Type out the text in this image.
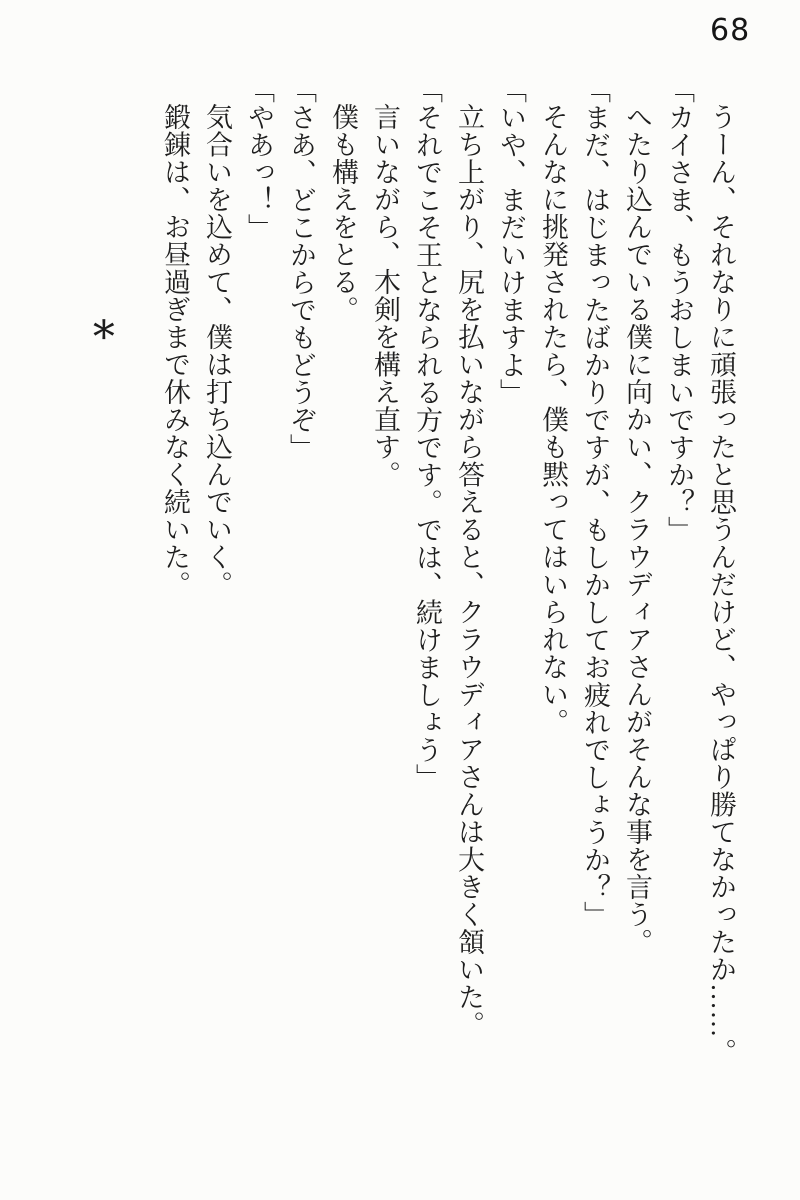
68

うーん、それなりに頑張ったと思うんだけど、やっぱり勝てなかったか……。

「カイさま、もうおしまいですか？」

へたり込んでいる僕に向かい、クラウディアさんがそんな事を言う。

「まだ、はじまったばかりですが、もしかしてお疲れでしょうか？」

そんなに挑発されたら、僕も黙ってはいられない。

「いや、まだいけますよ」

立ち上がり、尻を払いながら答えると、クラウディアさんは大きく頷いた。

「それでこそ王となられる方です。では、続けましょう」

言いながら、木剣を構え直す。

僕も構えをとる。

「さあ、どこからでもどうぞ」

「やあっ！」

気合いを込めて、僕は打ち込んでいく。

鍛錬は、お昼過ぎまで休みなく続いた。

∗
